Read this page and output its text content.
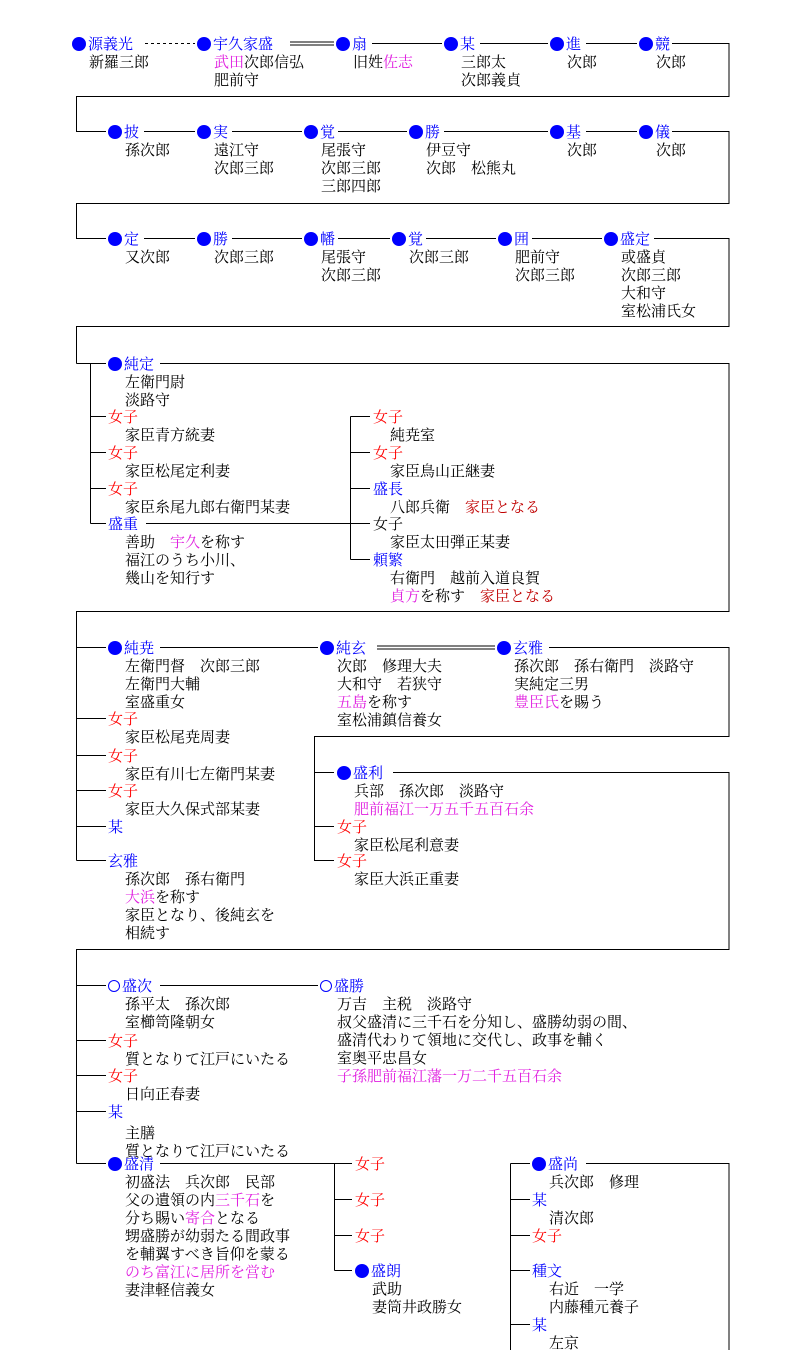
源義光
新羅三郎
宇久家盛
武田次郎信弘
肥前守
扇
旧姓佐志
某
三郎太
次郎義貞
進
次郎
競
次郎
披
孫次郎
実
遠江守
次郎三郎
覚
尾張守
次郎三郎
三郎四郎
勝
伊豆守
次郎　松熊丸
基
次郎
儀
次郎
定
又次郎
勝
次郎三郎
幡
尾張守
次郎三郎
覚
次郎三郎
囲
肥前守
次郎三郎
盛定
或盛貞
次郎三郎
大和守
室松浦氏女
純定
左衛門尉
淡路守
女子
家臣青方統妻
女子
家臣松尾定利妻
女子
家臣糸尾九郎右衛門某妻
盛重
善助　宇久を称す
福江のうち小川、
幾山を知行す
女子
純尭室
女子
家臣鳥山正継妻
盛長
八郎兵衛　家臣となる
女子
家臣太田弾正某妻
頼繁
右衛門　越前入道良賀
貞方を称す　家臣となる
純尭
左衛門督　次郎三郎
左衛門大輔
室盛重女
純玄
次郎　修理大夫
大和守　若狭守
五島を称す
室松浦鎮信養女
玄雅
孫次郎　孫右衛門　淡路守
実純定三男
豊臣氏を賜う
女子
家臣松尾尭周妻
女子
家臣有川七左衛門某妻
女子
家臣大久保式部某妻
某
玄雅
孫次郎　孫右衛門
大浜を称す
家臣となり、後純玄を
相続す
盛利
兵部　孫次郎　淡路守
肥前福江一万五千五百石余
女子
家臣松尾利意妻
女子
家臣大浜正重妻
盛次
孫平太　孫次郎
室櫛笥隆朝女
盛勝
万吉　主税　淡路守
叔父盛清に三千石を分知し、盛勝幼弱の間、
盛清代わりて領地に交代し、政事を輔く
室奥平忠昌女
子孫肥前福江藩一万二千五百石余
女子
質となりて江戸にいたる
女子
日向正春妻
某
主膳
質となりて江戸にいたる
盛清
初盛法　兵次郎　民部
父の遺領の内三千石を
分ち賜い寄合となる
甥盛勝が幼弱たる間政事
を輔翼すべき旨仰を蒙る
のち富江に居所を営む
妻津軽信義女
女子
女子
女子
盛朗
武助
妻筒井政勝女
盛尚
兵次郎　修理
某
清次郎
女子
種文
右近　一学
内藤種元養子
某
左京
